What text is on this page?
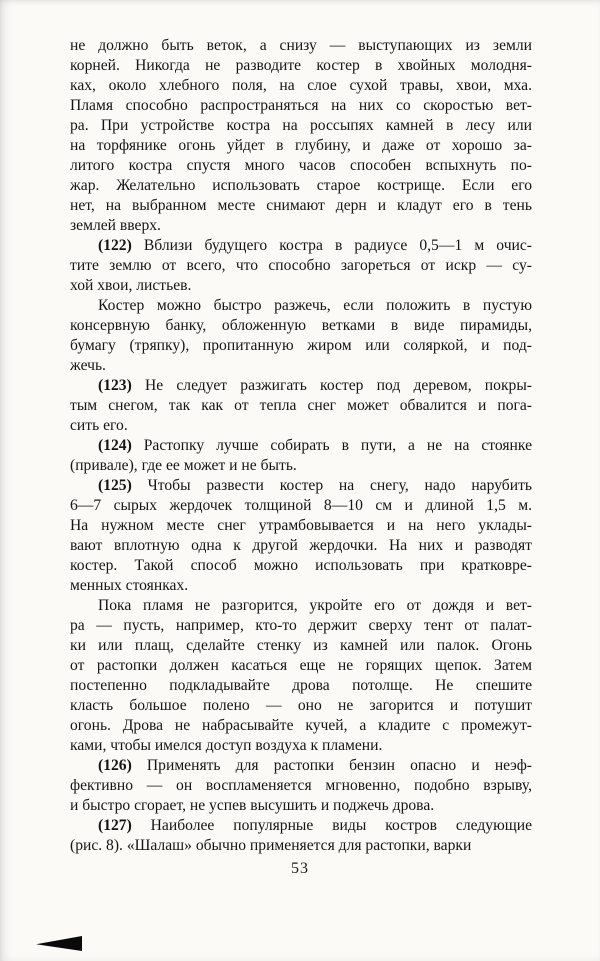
не должно быть веток, а снизу — выступающих из земли
корней. Никогда не разводите костер в хвойных молодня-
ках, около хлебного поля, на слое сухой травы, хвои, мха.
Пламя способно распространяться на них со скоростью вет-
ра. При устройстве костра на россыпях камней в лесу или
на торфянике огонь уйдет в глубину, и даже от хорошо за-
литого костра спустя много часов способен вспыхнуть по-
жар. Желательно использовать старое кострище. Если его
нет, на выбранном месте снимают дерн и кладут его в тень
землей вверх.
(122) Вблизи будущего костра в радиусе 0,5—1 м очис-
тите землю от всего, что способно загореться от искр — су-
хой хвои, листьев.
Костер можно быстро разжечь, если положить в пустую
консервную банку, обложенную ветками в виде пирамиды,
бумагу (тряпку), пропитанную жиром или соляркой, и под-
жечь.
(123) Не следует разжигать костер под деревом, покры-
тым снегом, так как от тепла снег может обвалится и пога-
сить его.
(124) Растопку лучше собирать в пути, а не на стоянке
(привале), где ее может и не быть.
(125) Чтобы развести костер на снегу, надо нарубить
6—7 сырых жердочек толщиной 8—10 см и длиной 1,5 м.
На нужном месте снег утрамбовывается и на него уклады-
вают вплотную одна к другой жердочки. На них и разводят
костер. Такой способ можно использовать при кратковре-
менных стоянках.
Пока пламя не разгорится, укройте его от дождя и вет-
ра — пусть, например, кто-то держит сверху тент от палат-
ки или плащ, сделайте стенку из камней или палок. Огонь
от растопки должен касаться еще не горящих щепок. Затем
постепенно подкладывайте дрова потолще. Не спешите
класть большое полено — оно не загорится и потушит
огонь. Дрова не набрасывайте кучей, а кладите с промежут-
ками, чтобы имелся доступ воздуха к пламени.
(126) Применять для растопки бензин опасно и неэф-
фективно — он воспламеняется мгновенно, подобно взрыву,
и быстро сгорает, не успев высушить и поджечь дрова.
(127) Наиболее популярные виды костров следующие
(рис. 8). «Шалаш» обычно применяется для растопки, варки
53
